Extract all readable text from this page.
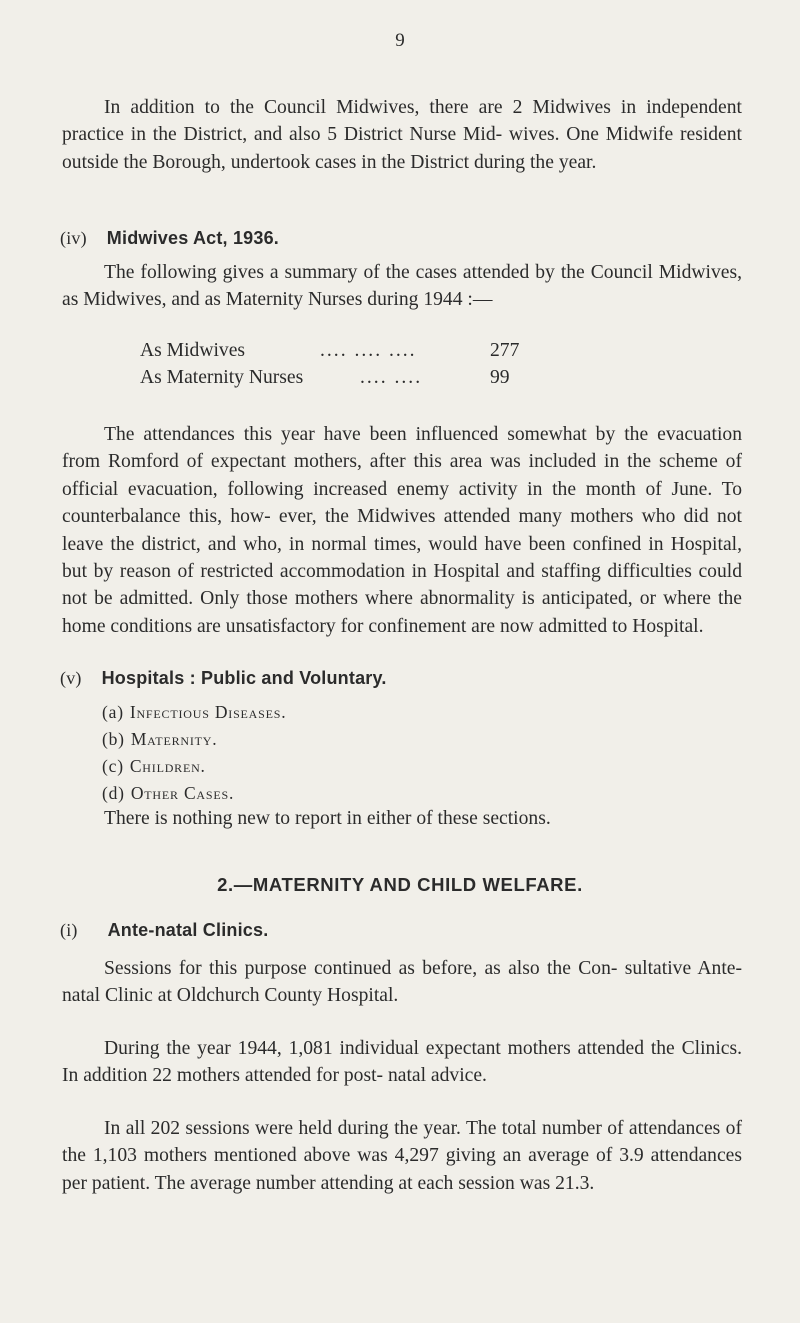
9

In addition to the Council Midwives, there are 2 Midwives in independent practice in the District, and also 5 District Nurse Mid- wives. One Midwife resident outside the Borough, undertook cases in the District during the year.

(iv) Midwives Act, 1936.

The following gives a summary of the cases attended by the Council Midwives, as Midwives, and as Maternity Nurses during 1944 :—

As Midwives	.... .... ....	277
As Maternity Nurses	.... ....	99

The attendances this year have been influenced somewhat by the evacuation from Romford of expectant mothers, after this area was included in the scheme of official evacuation, following increased enemy activity in the month of June. To counterbalance this, how- ever, the Midwives attended many mothers who did not leave the district, and who, in normal times, would have been confined in Hospital, but by reason of restricted accommodation in Hospital and staffing difficulties could not be admitted. Only those mothers where abnormality is anticipated, or where the home conditions are unsatisfactory for confinement are now admitted to Hospital.

(v) Hospitals : Public and Voluntary.
(a) Infectious Diseases.
(b) Maternity.
(c) Children.
(d) Other Cases.
There is nothing new to report in either of these sections.
2.—MATERNITY AND CHILD WELFARE.
(i) Ante-natal Clinics.

Sessions for this purpose continued as before, as also the Con- sultative Ante-natal Clinic at Oldchurch County Hospital.

During the year 1944, 1,081 individual expectant mothers attended the Clinics. In addition 22 mothers attended for post- natal advice.

In all 202 sessions were held during the year. The total number of attendances of the 1,103 mothers mentioned above was 4,297 giving an average of 3.9 attendances per patient. The average number attending at each session was 21.3.
